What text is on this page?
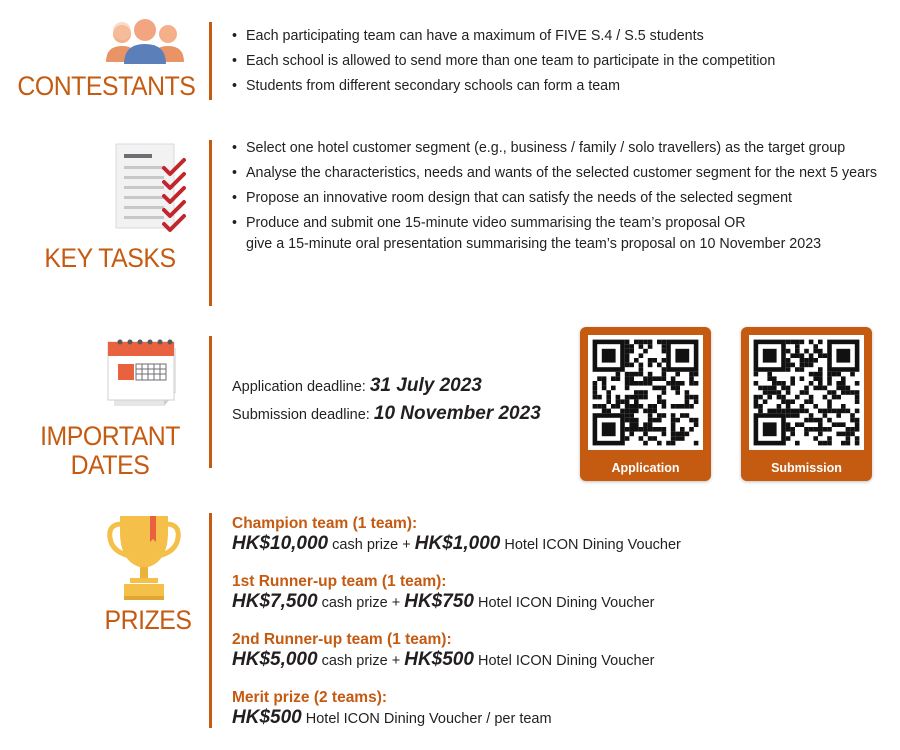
CONTESTANTS
• Each participating team can have a maximum of FIVE S.4 / S.5 students
• Each school is allowed to send more than one team to participate in the competition
• Students from different secondary schools can form a team
KEY TASKS
• Select one hotel customer segment (e.g., business / family / solo travellers) as the target group
• Analyse the characteristics, needs and wants of the selected customer segment for the next 5 years
• Propose an innovative room design that can satisfy the needs of the selected segment
• Produce and submit one 15-minute video summarising the team’s proposal OR
give a 15-minute oral presentation summarising the team’s proposal on 10 November 2023
IMPORTANT
DATES
Application deadline: 31 July 2023
Submission deadline: 10 November 2023
Application	Submission
PRIZES
Champion team (1 team):
HK$10,000 cash prize + HK$1,000 Hotel ICON Dining Voucher
1st Runner-up team (1 team):
HK$7,500 cash prize + HK$750 Hotel ICON Dining Voucher
2nd Runner-up team (1 team):
HK$5,000 cash prize + HK$500 Hotel ICON Dining Voucher
Merit prize (2 teams):
HK$500 Hotel ICON Dining Voucher / per team
